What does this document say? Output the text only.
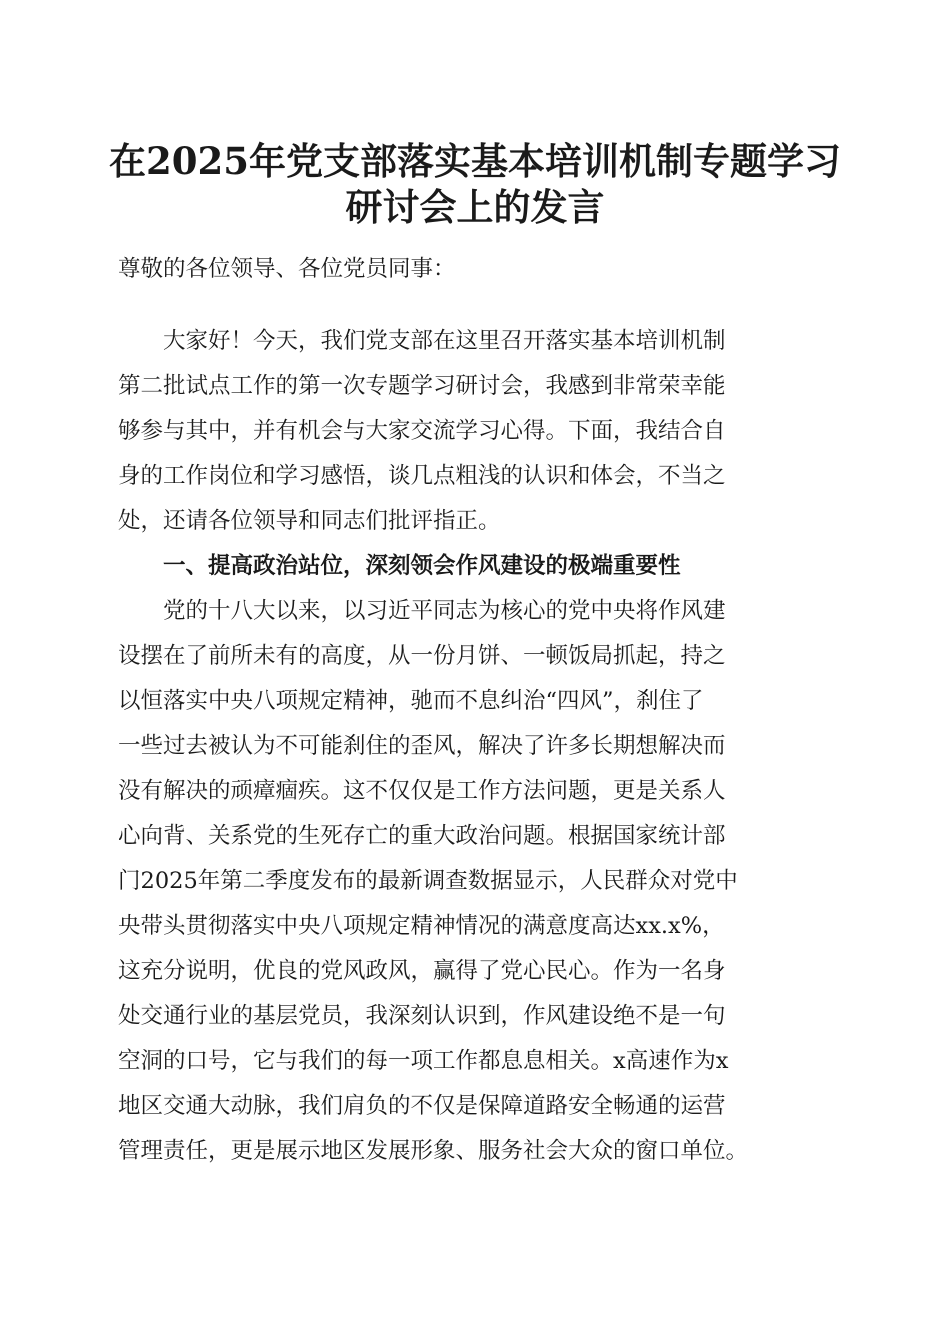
在2025年党支部落实基本培训机制专题学习
研讨会上的发言

尊敬的各位领导、各位党员同事：

　　大家好！今天，我们党支部在这里召开落实基本培训机制

第二批试点工作的第一次专题学习研讨会，我感到非常荣幸能

够参与其中，并有机会与大家交流学习心得。下面，我结合自

身的工作岗位和学习感悟，谈几点粗浅的认识和体会，不当之

处，还请各位领导和同志们批评指正。

　　一、提高政治站位，深刻领会作风建设的极端重要性

　　党的十八大以来，以习近平同志为核心的党中央将作风建

设摆在了前所未有的高度，从一份月饼、一顿饭局抓起，持之

以恒落实中央八项规定精神，驰而不息纠治“四风”，刹住了

一些过去被认为不可能刹住的歪风，解决了许多长期想解决而

没有解决的顽瘴痼疾。这不仅仅是工作方法问题，更是关系人

心向背、关系党的生死存亡的重大政治问题。根据国家统计部

门2025年第二季度发布的最新调查数据显示，人民群众对党中

央带头贯彻落实中央八项规定精神情况的满意度高达xx.x%，

这充分说明，优良的党风政风，赢得了党心民心。作为一名身

处交通行业的基层党员，我深刻认识到，作风建设绝不是一句

空洞的口号，它与我们的每一项工作都息息相关。x高速作为x

地区交通大动脉，我们肩负的不仅是保障道路安全畅通的运营

管理责任，更是展示地区发展形象、服务社会大众的窗口单位。
